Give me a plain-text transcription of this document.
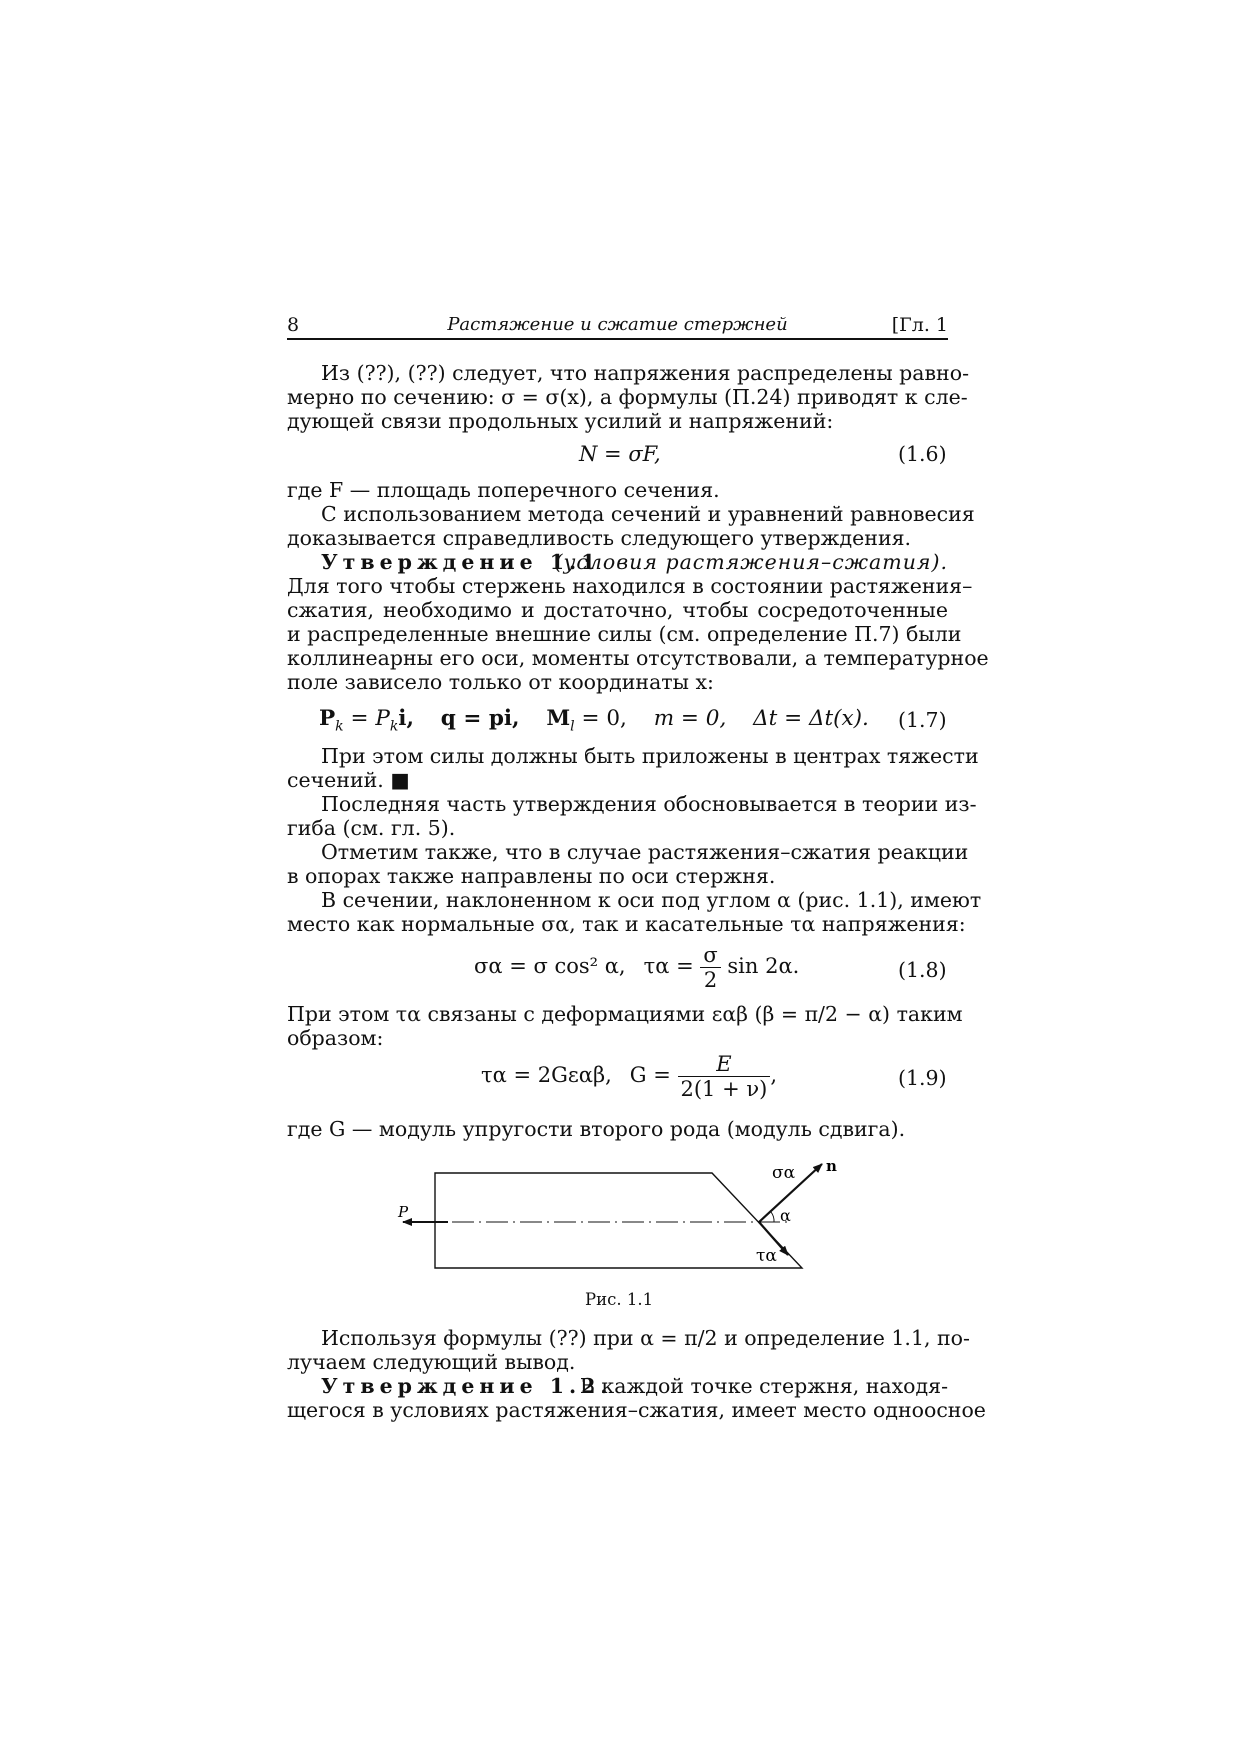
8	Растяжение и сжатие стержней	[Гл. 1
Из (??), (??) следует, что напряжения распределены равно-
мерно по сечению: σ = σ(x), а формулы (П.24) приводят к сле-
дующей связи продольных усилий и напряжений:
N = σF,	(1.6)
где F — площадь поперечного сечения.
С использованием метода сечений и уравнений равновесия
доказывается справедливость следующего утверждения.
Утверждение 1.1
(условия растяжения–сжатия).
Для того чтобы стержень находился в состоянии растяжения–
сжатия, необходимо и достаточно, чтобы сосредоточенные
и распределенные внешние силы (см. определение П.7) были
коллинеарны его оси, моменты отсутствовали, а температурное
поле зависело только от координаты x:
$P_k = P_ki$, q = pi, $M_l = 0$, m = 0, Δt = Δt(x). (1.7)
При этом силы должны быть приложены в центрах тяжести
сечений. ■
Последняя часть утверждения обосновывается в теории из-
гиба (см. гл. 5).
Отметим также, что в случае растяжения–сжатия реакции
в опорах также направлены по оси стержня.
В сечении, наклоненном к оси под углом α (рис. 1.1), имеют
место как нормальные σα, так и касательные τα напряжения:
σα = σ cos² α, $\tau\alpha = \frac{\sigma}{2}$ sin 2α.	(1.8)
При этом τα связаны с деформациями εαβ (β = π/2 − α) таким
образом:
τα = 2Gεαβ, $G = \frac{E}{2(1 + \nu)}$ ,	(1.9)
где G — модуль упругости второго рода (модуль сдвига).
P
σα n
α
τα
Рис. 1.1
Используя формулы (??) при α = π/2 и определение 1.1, по-
лучаем следующий вывод.
Утверждение 1.2.
В каждой точке стержня, находя-
щегося в условиях растяжения–сжатия, имеет место одноосное
